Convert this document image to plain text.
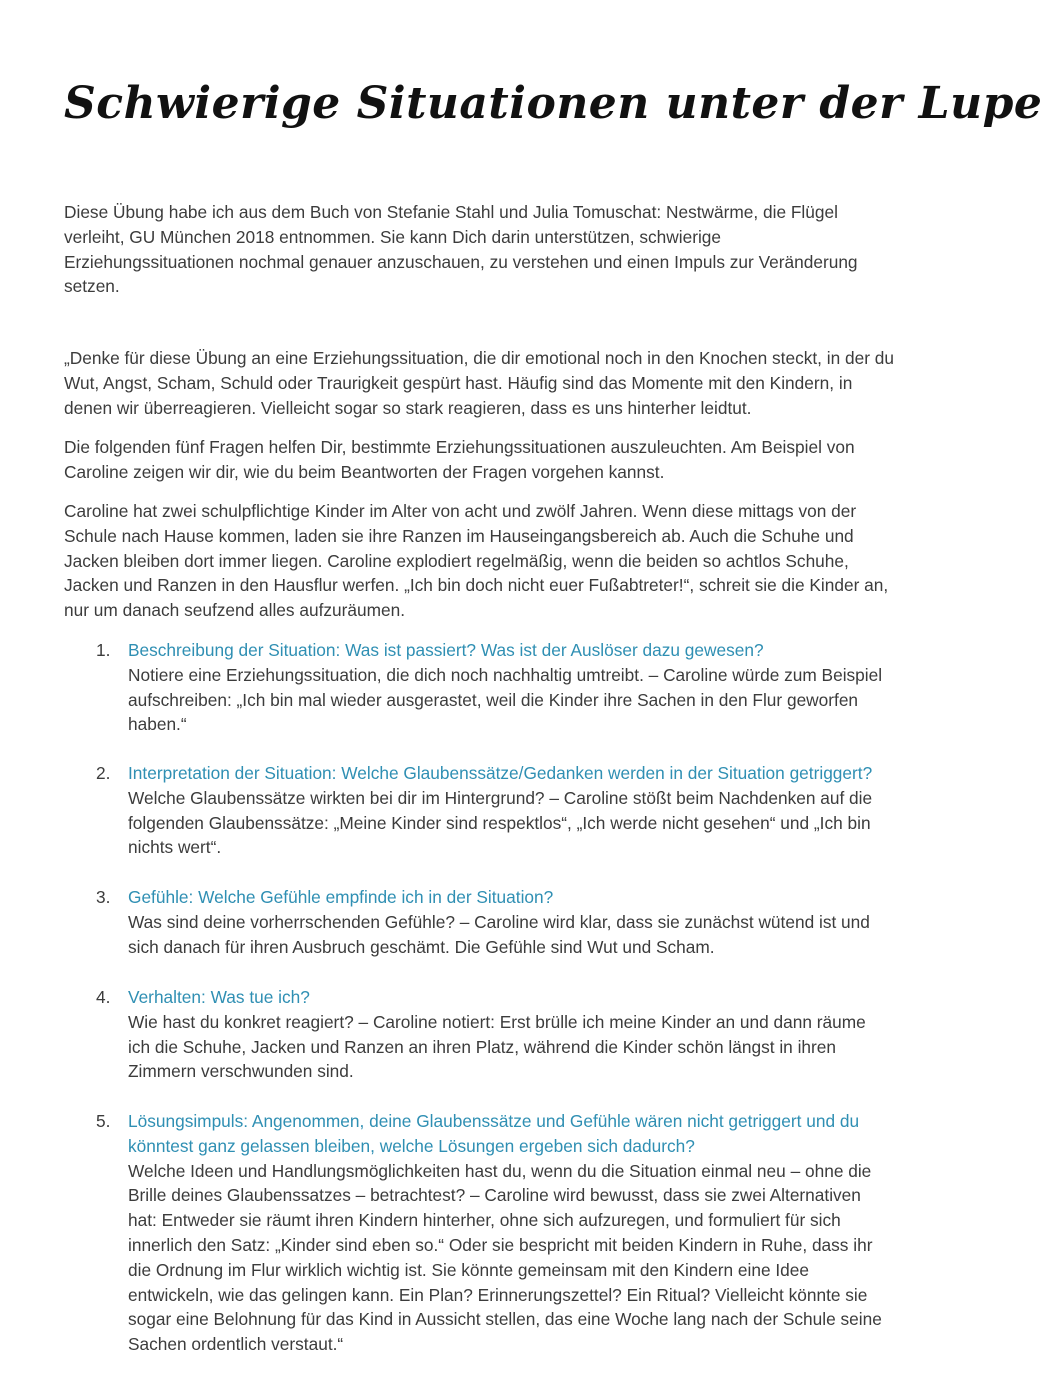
Schwierige Situationen unter der Lupe

Diese Übung habe ich aus dem Buch von Stefanie Stahl und Julia Tomuschat: Nestwärme, die Flügel verleiht, GU München 2018 entnommen. Sie kann Dich darin unterstützen, schwierige Erziehungssituationen nochmal genauer anzuschauen, zu verstehen und einen Impuls zur Veränderung setzen.

„Denke für diese Übung an eine Erziehungssituation, die dir emotional noch in den Knochen steckt, in der du Wut, Angst, Scham, Schuld oder Traurigkeit gespürt hast. Häufig sind das Momente mit den Kindern, in denen wir überreagieren. Vielleicht sogar so stark reagieren, dass es uns hinterher leidtut.

Die folgenden fünf Fragen helfen Dir, bestimmte Erziehungssituationen auszuleuchten. Am Beispiel von Caroline zeigen wir dir, wie du beim Beantworten der Fragen vorgehen kannst.

Caroline hat zwei schulpflichtige Kinder im Alter von acht und zwölf Jahren. Wenn diese mittags von der Schule nach Hause kommen, laden sie ihre Ranzen im Hauseingangsbereich ab. Auch die Schuhe und Jacken bleiben dort immer liegen. Caroline explodiert regelmäßig, wenn die beiden so achtlos Schuhe, Jacken und Ranzen in den Hausflur werfen. „Ich bin doch nicht euer Fußabtreter!“, schreit sie die Kinder an, nur um danach seufzend alles aufzuräumen.

1. Beschreibung der Situation: Was ist passiert? Was ist der Auslöser dazu gewesen?
Notiere eine Erziehungssituation, die dich noch nachhaltig umtreibt. – Caroline würde zum Beispiel aufschreiben: „Ich bin mal wieder ausgerastet, weil die Kinder ihre Sachen in den Flur geworfen haben.“
2. Interpretation der Situation: Welche Glaubenssätze/Gedanken werden in der Situation getriggert?
Welche Glaubenssätze wirkten bei dir im Hintergrund? – Caroline stößt beim Nachdenken auf die folgenden Glaubenssätze: „Meine Kinder sind respektlos“, „Ich werde nicht gesehen“ und „Ich bin nichts wert“.
3. Gefühle: Welche Gefühle empfinde ich in der Situation?
Was sind deine vorherrschenden Gefühle? – Caroline wird klar, dass sie zunächst wütend ist und sich danach für ihren Ausbruch geschämt. Die Gefühle sind Wut und Scham.
4. Verhalten: Was tue ich?
Wie hast du konkret reagiert? – Caroline notiert: Erst brülle ich meine Kinder an und dann räume ich die Schuhe, Jacken und Ranzen an ihren Platz, während die Kinder schön längst in ihren Zimmern verschwunden sind.
5. Lösungsimpuls: Angenommen, deine Glaubenssätze und Gefühle wären nicht getriggert und du könntest ganz gelassen bleiben, welche Lösungen ergeben sich dadurch?
Welche Ideen und Handlungsmöglichkeiten hast du, wenn du die Situation einmal neu – ohne die Brille deines Glaubenssatzes – betrachtest? – Caroline wird bewusst, dass sie zwei Alternativen hat: Entweder sie räumt ihren Kindern hinterher, ohne sich aufzuregen, und formuliert für sich innerlich den Satz: „Kinder sind eben so.“ Oder sie bespricht mit beiden Kindern in Ruhe, dass ihr die Ordnung im Flur wirklich wichtig ist. Sie könnte gemeinsam mit den Kindern eine Idee entwickeln, wie das gelingen kann. Ein Plan? Erinnerungszettel? Ein Ritual? Vielleicht könnte sie sogar eine Belohnung für das Kind in Aussicht stellen, das eine Woche lang nach der Schule seine Sachen ordentlich verstaut.“
